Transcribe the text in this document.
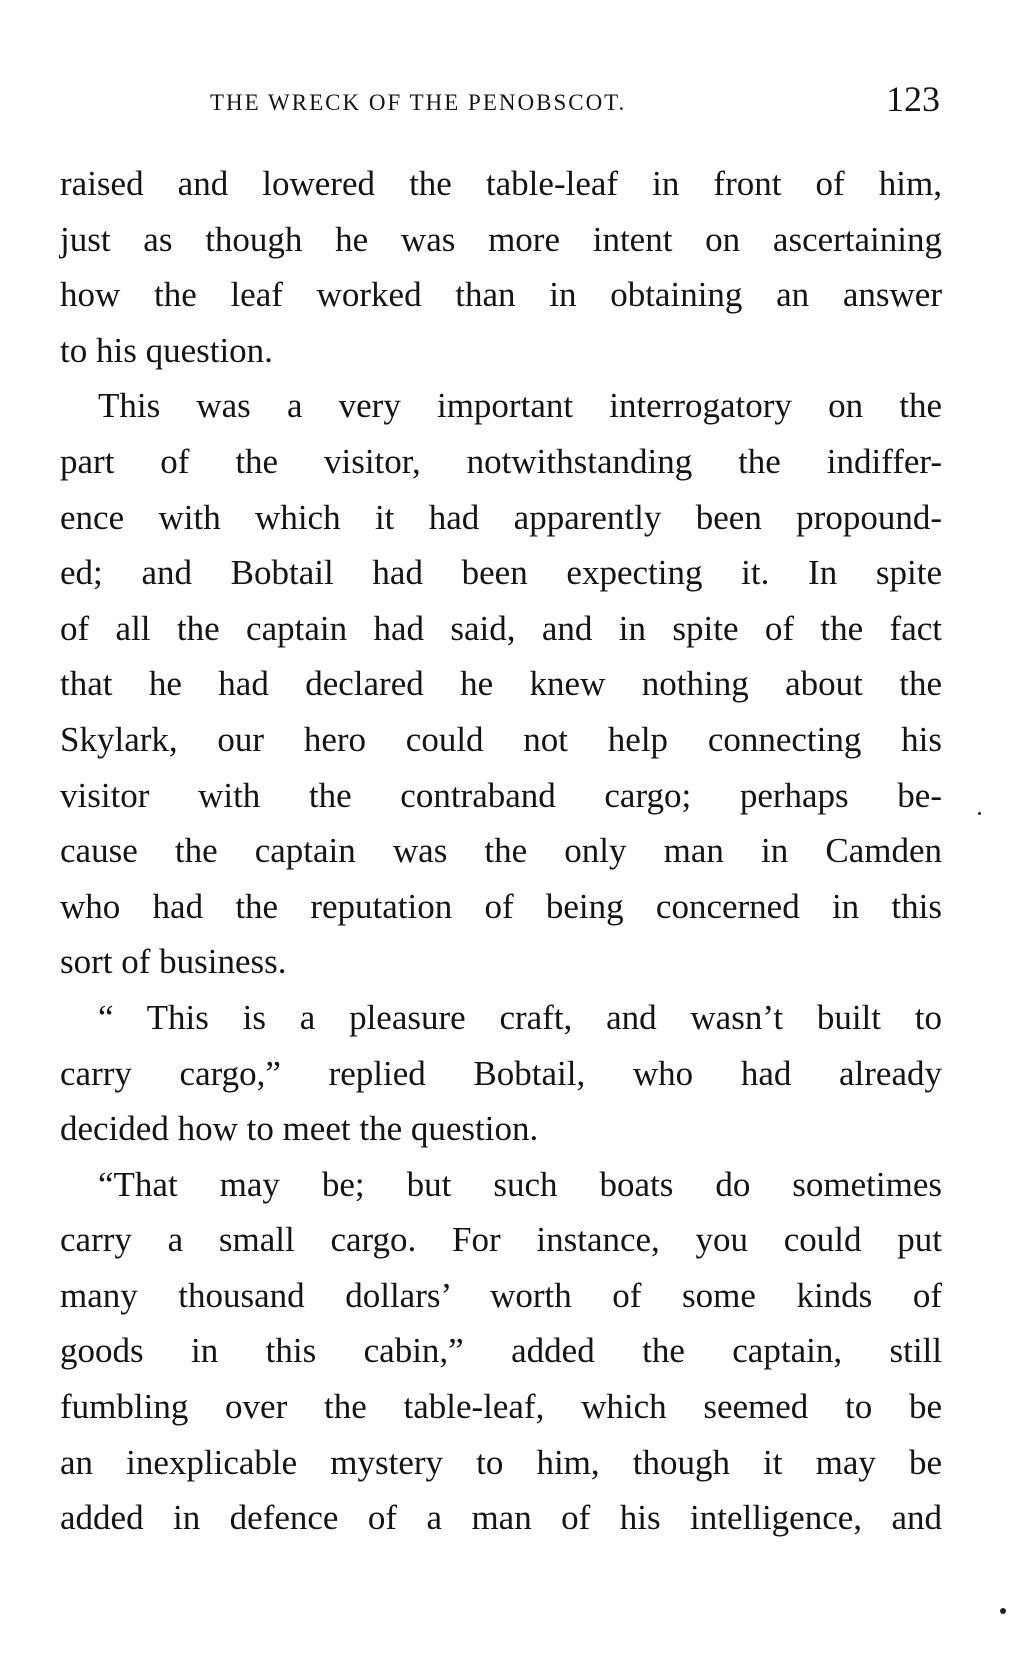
THE WRECK OF THE PENOBSCOT.	123
raised and lowered the table-leaf in front of him,
just as though he was more intent on ascertaining
how the leaf worked than in obtaining an answer
to his question.
This was a very important interrogatory on the
part of the visitor, notwithstanding the indiffer-
ence with which it had apparently been propound-
ed; and Bobtail had been expecting it. In spite
of all the captain had said, and in spite of the fact
that he had declared he knew nothing about the
Skylark, our hero could not help connecting his
visitor with the contraband cargo; perhaps be-
cause the captain was the only man in Camden
who had the reputation of being concerned in this
sort of business.
“ This is a pleasure craft, and wasn’t built to
carry cargo,” replied Bobtail, who had already
decided how to meet the question.
“That may be; but such boats do sometimes
carry a small cargo. For instance, you could put
many thousand dollars’ worth of some kinds of
goods in this cabin,” added the captain, still
fumbling over the table-leaf, which seemed to be
an inexplicable mystery to him, though it may be
added in defence of a man of his intelligence, and
